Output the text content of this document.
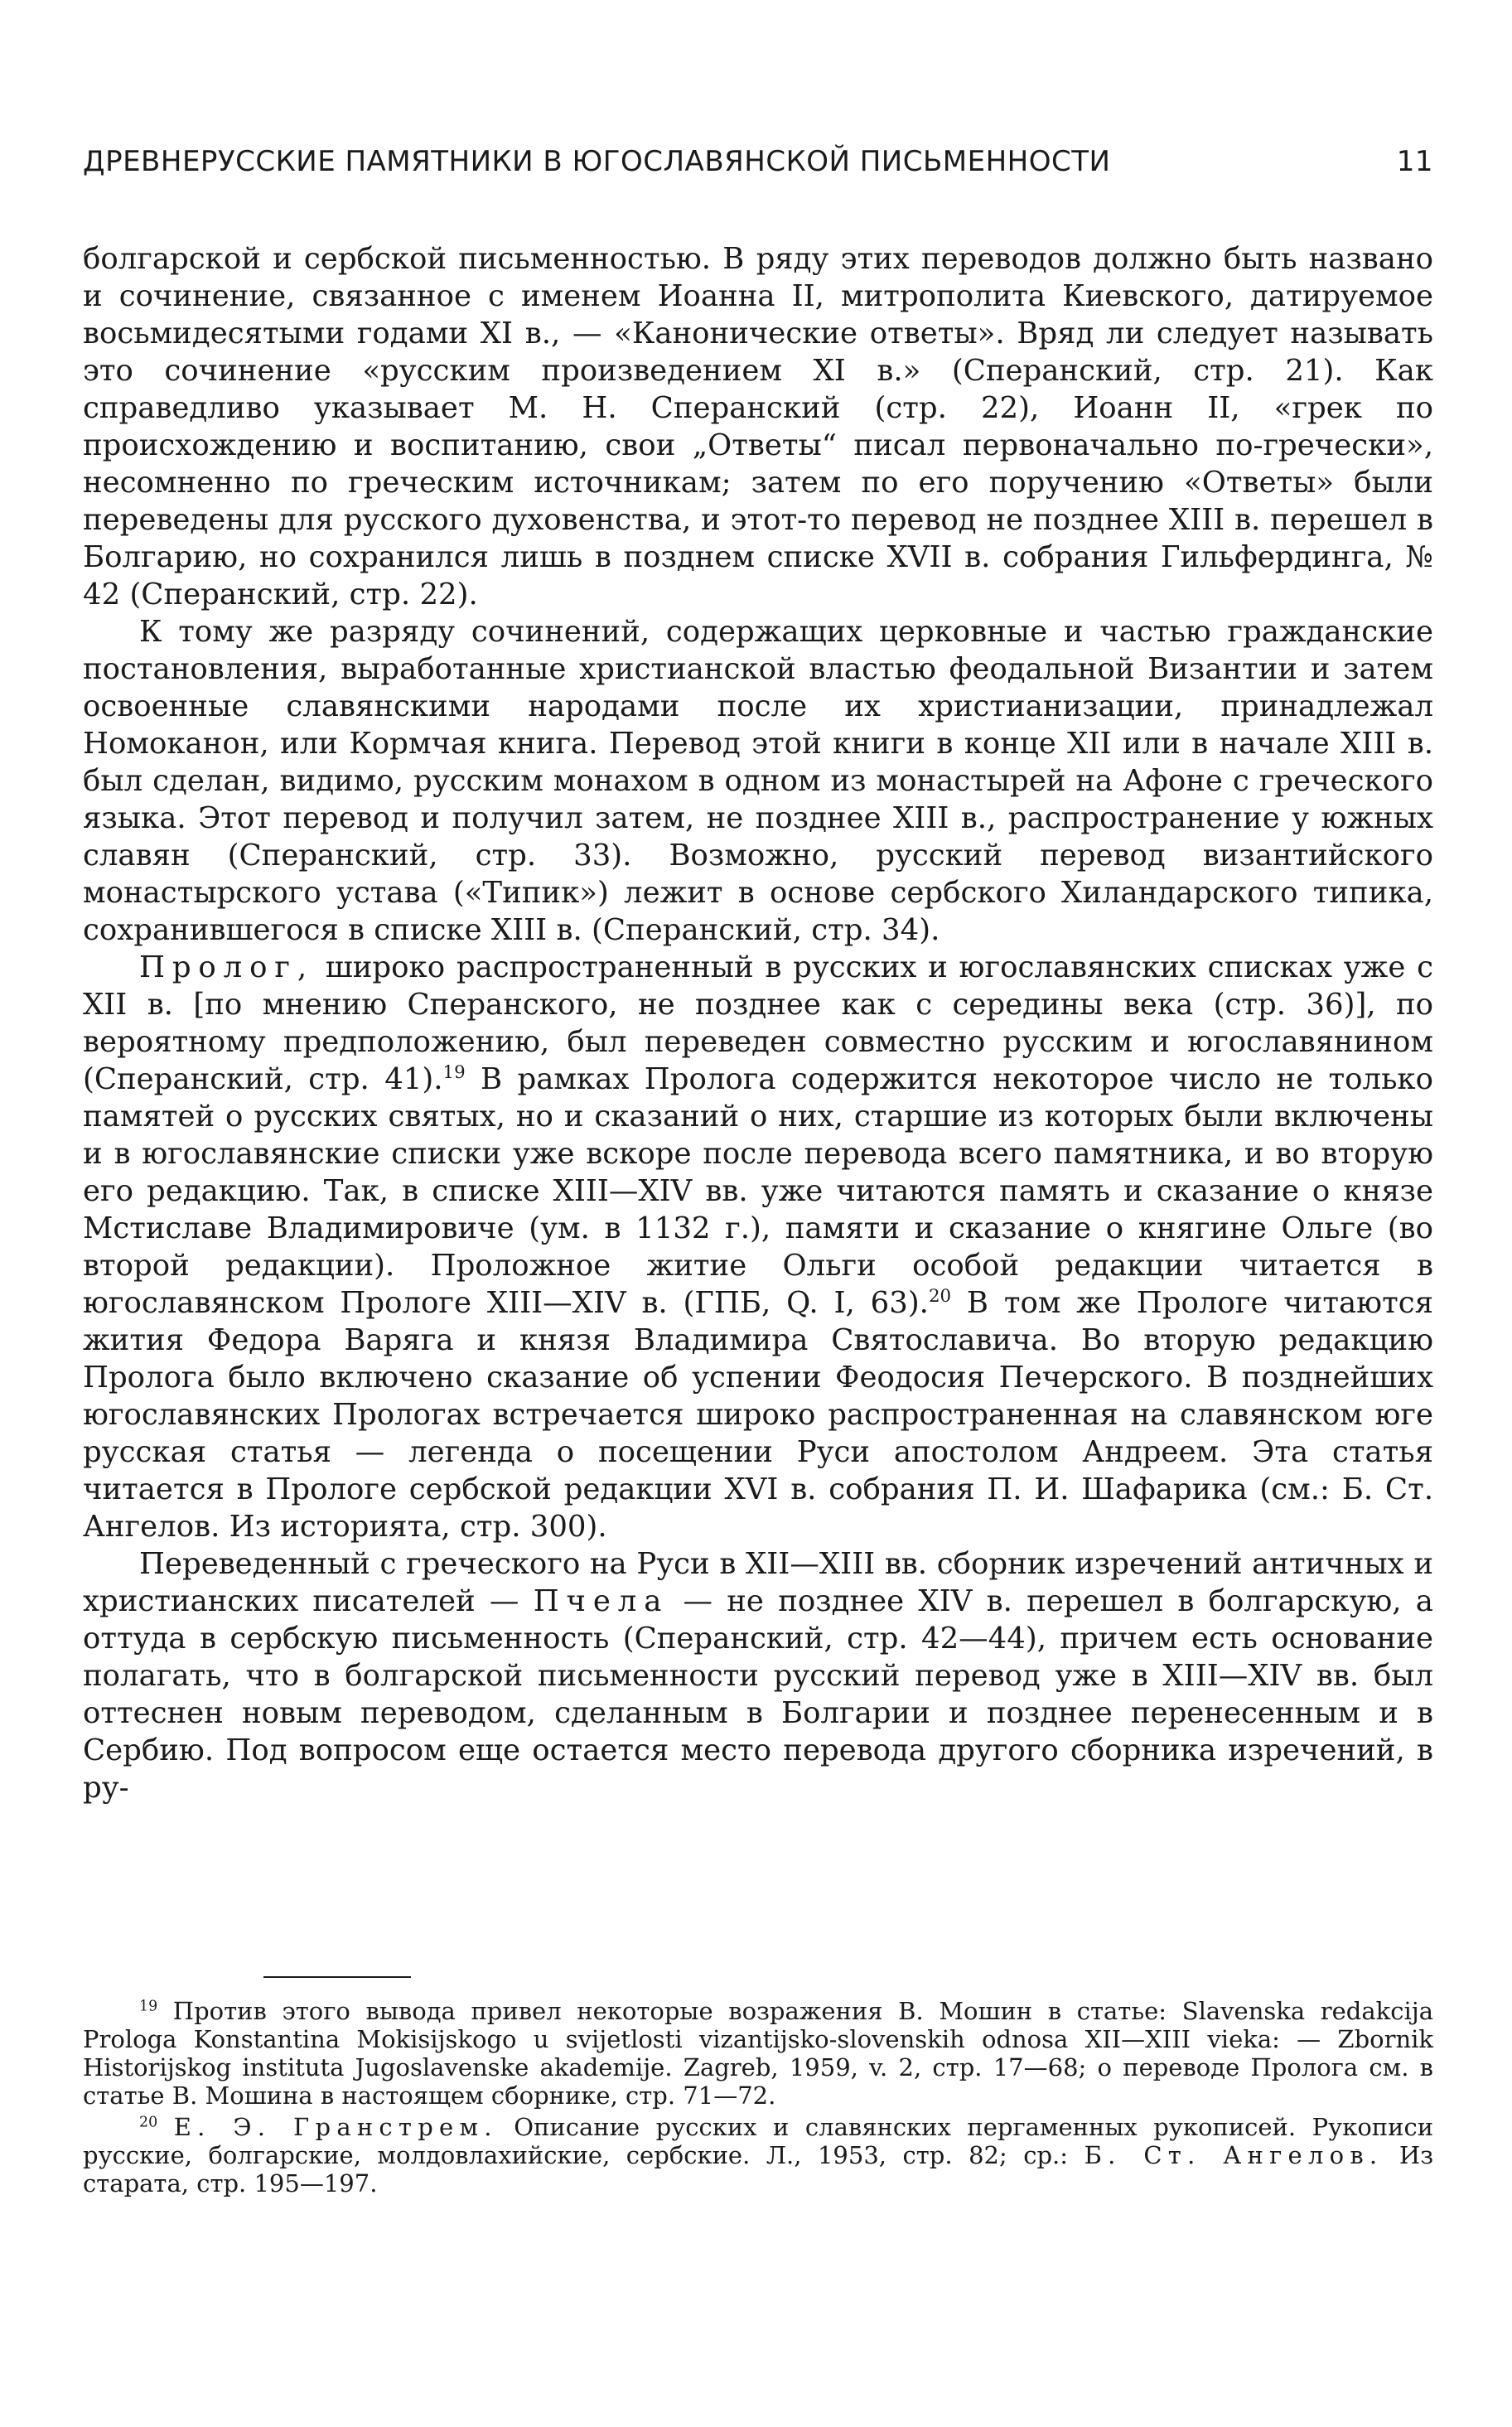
ДРЕВНЕРУССКИЕ ПАМЯТНИКИ В ЮГОСЛАВЯНСКОЙ ПИСЬМЕННОСТИ	11

болгарской и сербской письменностью. В ряду этих переводов должно быть названо и сочинение, связанное с именем Иоанна II, митрополита Киевского, датируемое восьмидесятыми годами XI в., — «Канонические ответы». Вряд ли следует называть это сочинение «русским произведением XI в.» (Сперанский, стр. 21). Как справедливо указывает М. Н. Сперанский (стр. 22), Иоанн II, «грек по происхождению и воспитанию, свои „Ответы“ писал первоначально по-гречески», несомненно по греческим источникам; затем по его поручению «Ответы» были переведены для русского духовенства, и этот-то перевод не позднее XIII в. перешел в Болгарию, но сохранился лишь в позднем списке XVII в. собрания Гильфердинга, № 42 (Сперанский, стр. 22).

К тому же разряду сочинений, содержащих церковные и частью гражданские постановления, выработанные христианской властью феодальной Византии и затем освоенные славянскими народами после их христианизации, принадлежал Номоканон, или Кормчая книга. Перевод этой книги в конце XII или в начале XIII в. был сделан, видимо, русским монахом в одном из монастырей на Афоне с греческого языка. Этот перевод и получил затем, не позднее XIII в., распространение у южных славян (Сперанский, стр. 33). Возможно, русский перевод византийского монастырского устава («Типик») лежит в основе сербского Хиландарского типика, сохранившегося в списке XIII в. (Сперанский, стр. 34).

Пролог, широко распространенный в русских и югославянских списках уже с XII в. [по мнению Сперанского, не позднее как с середины века (стр. 36)], по вероятному предположению, был переведен совместно русским и югославянином (Сперанский, стр. 41).$^{19}$ В рамках Пролога содержится некоторое число не только памятей о русских святых, но и сказаний о них, старшие из которых были включены и в югославянские списки уже вскоре после перевода всего памятника, и во вторую его редакцию. Так, в списке XIII—XIV вв. уже читаются память и сказание о князе Мстиславе Владимировиче (ум. в 1132 г.), памяти и сказание о княгине Ольге (во второй редакции). Проложное житие Ольги особой редакции читается в югославянском Прологе XIII—XIV в. (ГПБ, Q. I, 63).$^{20}$ В том же Прологе читаются жития Федора Варяга и князя Владимира Святославича. Во вторую редакцию Пролога было включено сказание об успении Феодосия Печерского. В позднейших югославянских Прологах встречается широко распространенная на славянском юге русская статья — легенда о посещении Руси апостолом Андреем. Эта статья читается в Прологе сербской редакции XVI в. собрания П. И. Шафарика (см.: Б. Ст. Ангелов. Из историята, стр. 300).

Переведенный с греческого на Руси в XII—XIII вв. сборник изречений античных и христианских писателей — Пчела — не позднее XIV в. перешел в болгарскую, а оттуда в сербскую письменность (Сперанский, стр. 42—44), причем есть основание полагать, что в болгарской письменности русский перевод уже в XIII—XIV вв. был оттеснен новым переводом, сделанным в Болгарии и позднее перенесенным и в Сербию. Под вопросом еще остается место перевода другого сборника изречений, в ру-

$^{19}$ Против этого вывода привел некоторые возражения В. Мошин в статье: Slavenska redakcija Prologa Konstantina Mokisijskogo u svijetlosti vizantijsko-slovenskih odnosa XII—XIII vieka: — Zbornik Historijskog instituta Jugoslavenske akademije. Zagreb, 1959, v. 2, стр. 17—68; о переводе Пролога см. в статье В. Мошина в настоящем сборнике, стр. 71—72.

$^{20}$ Е. Э. Гранстрем. Описание русских и славянских пергаменных рукописей. Рукописи русские, болгарские, молдовлахийские, сербские. Л., 1953, стр. 82; ср.: Б. Ст. Ангелов. Из старата, стр. 195—197.
